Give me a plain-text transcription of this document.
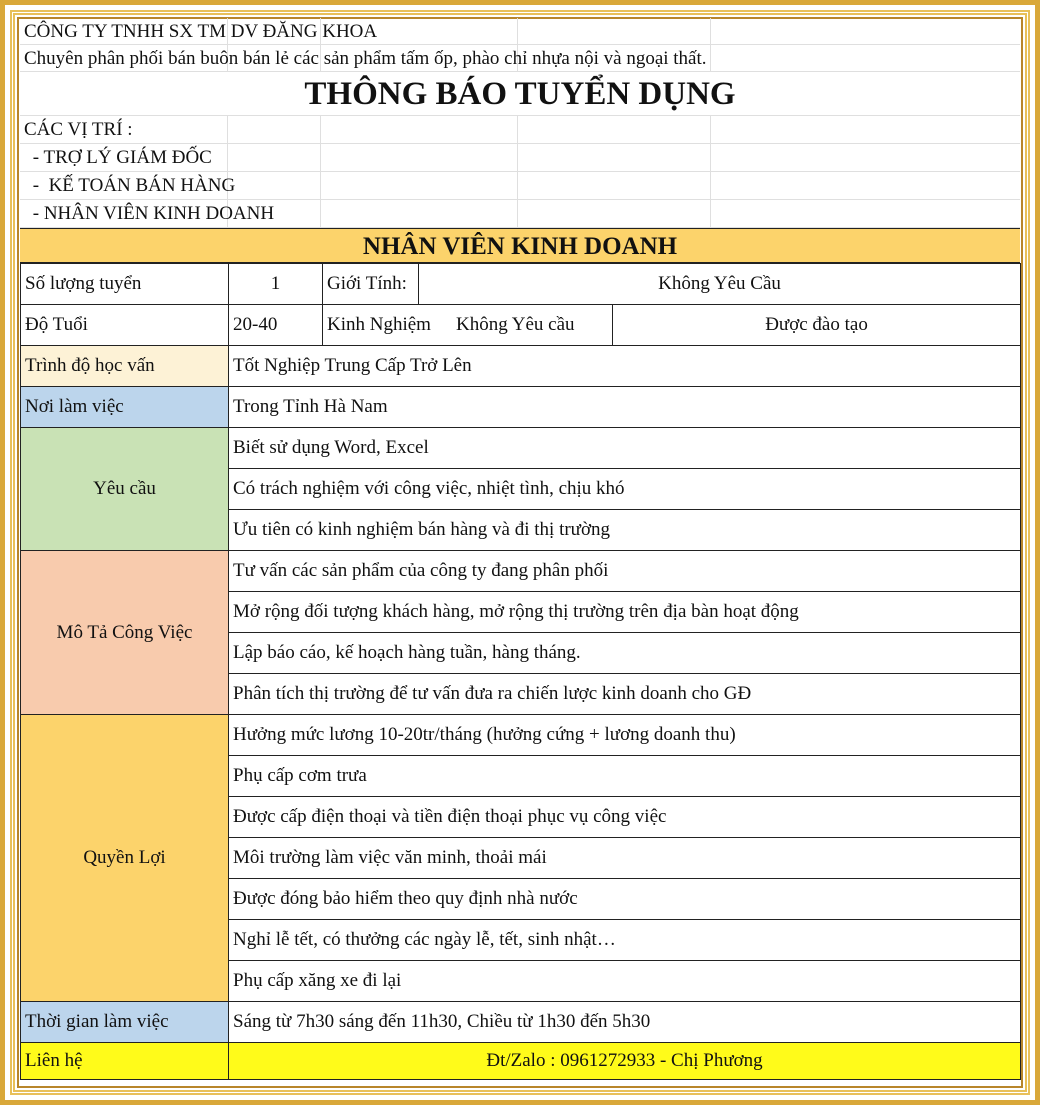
CÔNG TY TNHH SX TM DV ĐĂNG KHOA
Chuyên phân phối bán buôn bán lẻ các sản phẩm tấm ốp, phào chỉ nhựa nội và ngoại thất.
THÔNG BÁO TUYỂN DỤNG
CÁC VỊ TRÍ :
- TRỢ LÝ GIÁM ĐỐC
-  KẾ TOÁN BÁN HÀNG
- NHÂN VIÊN KINH DOANH
NHÂN VIÊN KINH DOANH
Số lượng tuyển	1	Giới Tính:	Không Yêu Cầu	
Độ Tuổi	20-40	Kinh Nghiệm	Không Yêu cầu	Được đào tạo
Trình độ học vấn	Tốt Nghiệp Trung Cấp Trở Lên			
Nơi làm việc	Trong Tỉnh Hà Nam			
Yêu cầu	Biết sử dụng Word, Excel			
	Có trách nghiệm với công việc, nhiệt tình, chịu khó			
	Ưu tiên có kinh nghiệm bán hàng và đi thị trường			
Mô Tả Công Việc	Tư vấn các sản phẩm của công ty đang phân phối			
	Mở rộng đối tượng khách hàng, mở rộng thị trường trên địa bàn hoạt động			
	Lập báo cáo, kế hoạch hàng tuần, hàng tháng.			
	Phân tích thị trường để tư vấn đưa ra chiến lược kinh doanh cho GĐ			
Quyền Lợi	Hưởng mức lương 10-20tr/tháng (hưởng cứng + lương doanh thu)			
	Phụ cấp cơm trưa			
	Được cấp điện thoại và tiền điện thoại phục vụ công việc			
	Môi trường làm việc văn minh, thoải mái			
	Được đóng bảo hiểm theo quy định nhà nước			
	Nghỉ lễ tết, có thưởng các ngày lễ, tết, sinh nhật…			
	Phụ cấp xăng xe đi lại			
Thời gian làm việc	Sáng từ 7h30 sáng đến 11h30, Chiều từ 1h30 đến 5h30			
Liên hệ	Đt/Zalo : 0961272933 - Chị Phương			
